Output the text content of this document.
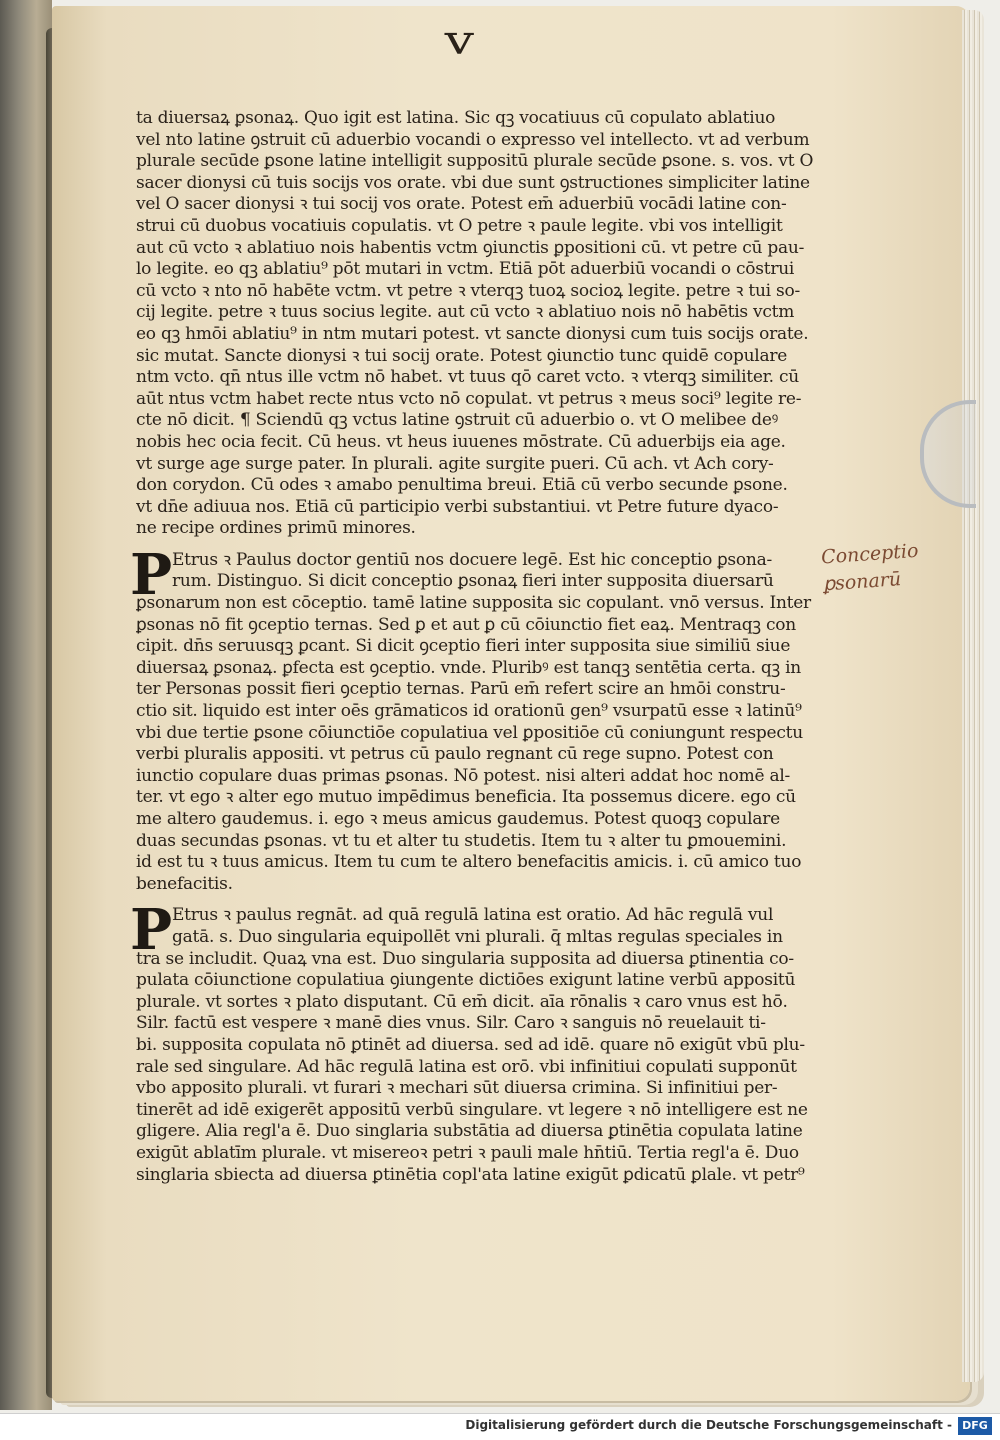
v

ta diuersaꝝ ꝑsonaꝝ. Quo igit̄ est latina. Sic qꝫ vocatiuus cū copulato ablatiuo

vel nt̄o latine ꝯstruit̄ cū aduerbio vocandi o expresso vel intellecto. vt ad verbum

plurale secūde ꝑsone latine intelligit̄ suppositū plurale secūde ꝑsone. s. vos. vt O

sacer dionysi cū tuis socijs vos orate. vbi due sunt ꝯstructiones simpliciter latine

vel O sacer dionysi ꝛ tui socij vos orate. Potest em̄ aduerbiū vocādi latine con-

strui cū duobus vocatiuis copulatis. vt O petre ꝛ paule legite. vbi vos intelligit̄

aut cū vct̄o ꝛ ablatiuo nois habentis vct̄m ꝯiunctis ꝑpositioni cū. vt petre cū pau-

lo legite. eo qꝫ ablatiu⁹ pōt mutari in vct̄m. Etiā pōt aduerbiū vocandi o cōstrui

cū vct̄o ꝛ nt̄o nō habēte vct̄m. vt petre ꝛ vterqꝫ tuoꝝ socioꝝ legite. petre ꝛ tui so-

cij legite. petre ꝛ tuus socius legite. aut cū vct̄o ꝛ ablatiuo nois nō habētis vct̄m

eo qꝫ hmōi ablatiu⁹ in nt̄m mutari potest. vt sancte dionysi cum tuis socijs orate.

sic mutat̄. Sancte dionysi ꝛ tui socij orate. Potest ꝯiunctio tunc quidē copulare

nt̄m vct̄o. qn̄ nt̄us ille vct̄m nō habet. vt tuus qō caret vct̄o. ꝛ vterqꝫ similiter. cū

aūt nt̄us vct̄m habet recte nt̄us vct̄o nō copulat̄. vt petrus ꝛ meus soci⁹ legite re-

cte nō dicit̄. ¶ Sciendū qꝫ vct̄us latine ꝯstruit̄ cū aduerbio o. vt O melibee deꝰ

nobis hec ocia fecit. Cū heus. vt heus iuuenes mōstrate. Cū aduerbijs eia age.

vt surge age surge pater. In plurali. agite surgite pueri. Cū ach. vt Ach cory-

don corydon. Cū odes ꝛ amabo penultima breui. Etiā cū verbo secunde ꝑsone.

vt dn̄e adiuua nos. Etiā cū participio verbi substantiui. vt Petre future dyaco-

ne recipe ordines primū minores.

P Etrus ꝛ Paulus doctor gentiū nos docuere legē. Est hic conceptio ꝑsona-

rum. Distinguo. Si dicit̄ conceptio ꝑsonaꝝ fieri inter supposita diuersarū

ꝑsonarum non est cōceptio. tamē latine supposita sic copulant̄. vnō versus. Inter

ꝑsonas nō fit ꝯceptio ternas. Sed ꝑ et aut ꝑ cū cōiunctio fiet eaꝝ. Mentraqꝫ con

cipit̄. dn̄s seruusqꝫ ꝑcant̄. Si dicit̄ ꝯceptio fieri inter supposita siue similiū siue

diuersaꝝ ꝑsonaꝝ. ꝑfecta est ꝯceptio. vnde. Pluribꝰ est tanqꝫ sentētia certa. qꝫ in

ter Personas possit fieri ꝯceptio ternas. Parū em̄ refert scire an hmōi constru-

ctio sit. liquido est inter oēs grāmaticos id orationū gen⁹ vsurpatū esse ꝛ latinū⁹

vbi due tertie ꝑsone cōiunctiōe copulatiua vel ꝑpositiōe cū coniungunt̄ respectu

verbi pluralis appositi. vt petrus cū paulo regnant cū rege supno. Potest con

iunctio copulare duas primas ꝑsonas. Nō potest. nisi alteri addat̄ hoc nomē al-

ter. vt ego ꝛ alter ego mutuo impēdimus beneficia. Ita possemus dicere. ego cū

me altero gaudemus. i. ego ꝛ meus amicus gaudemus. Potest quoqꝫ copulare

duas secundas ꝑsonas. vt tu et alter tu studetis. Item tu ꝛ alter tu ꝑmouemini.

id est tu ꝛ tuus amicus. Item tu cum te altero benefacitis amicis. i. cū amico tuo

benefacitis.

P Etrus ꝛ paulus regnāt. ad quā regulā latina est oratio. Ad hāc regulā vul

gatā. s. Duo singularia equipollēt vni plurali. q̄ mltas regulas speciales in

tra se includit. Quaꝝ vna est. Duo singularia supposita ad diuersa ꝑtinentia co-

pulata cōiunctione copulatiua ꝯiungente dictiōes exigunt latine verbū appositū

plurale. vt sortes ꝛ plato disputant. Cū em̄ dicit̄. aīa rōnalis ꝛ caro vnus est hō.

Silr. factū est vespere ꝛ manē dies vnus. Silr. Caro ꝛ sanguis nō reuelauit ti-

bi. supposita copulata nō ꝑtinēt ad diuersa. sed ad idē. quare nō exigūt vbū plu-

rale sed singulare. Ad hāc regulā latina est orō. vbi infinitiui copulati supponūt

vbo apposito plurali. vt furari ꝛ mechari sūt diuersa crimina. Si infinitiui per-

tinerēt ad idē exigerēt appositū verbū singulare. vt legere ꝛ nō intelligere est ne

gligere. Alia regl'a ē. Duo singlaria substātia ad diuersa ꝑtinētia copulata latine

exigūt ablatīm plurale. vt misereoꝛ petri ꝛ pauli male hn̄tiū. Tertia regl'a ē. Duo

singlaria sbiecta ad diuersa ꝑtinētia copl'ata latine exigūt ꝑdicatū ꝑlale. vt petr⁹

Conceptio
ꝑsonarū
Digitalisierung gefördert durch die Deutsche Forschungsgemeinschaft - DFG
